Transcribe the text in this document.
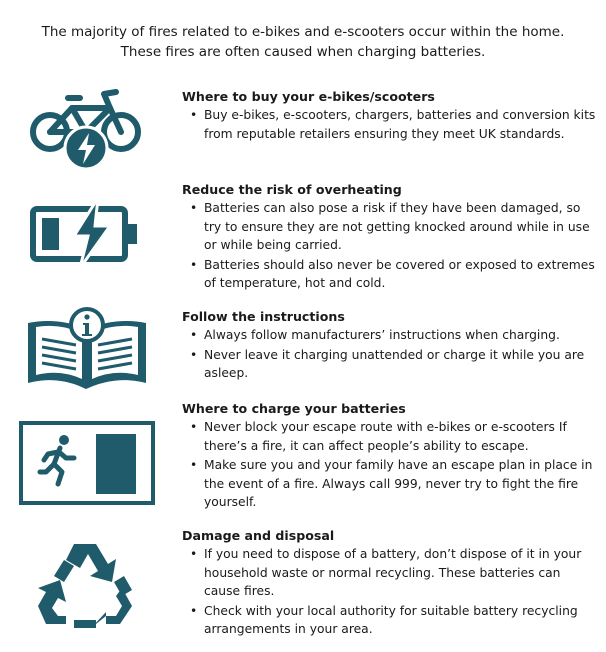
The majority of fires related to e-bikes and e-scooters occur within the home.
These fires are often caused when charging batteries.
Where to buy your e-bikes/scooters
• Buy e-bikes, e-scooters, chargers, batteries and conversion kits from reputable retailers ensuring they meet UK standards.
Reduce the risk of overheating
• Batteries can also pose a risk if they have been damaged, so try to ensure they are not getting knocked around while in use or while being carried.
• Batteries should also never be covered or exposed to extremes of temperature, hot and cold.
Follow the instructions
• Always follow manufacturers’ instructions when charging.
• Never leave it charging unattended or charge it while you are asleep.
Where to charge your batteries
• Never block your escape route with e-bikes or e-scooters If there’s a fire, it can affect people’s ability to escape.
• Make sure you and your family have an escape plan in place in the event of a fire. Always call 999, never try to fight the fire yourself.
Damage and disposal
• If you need to dispose of a battery, don’t dispose of it in your household waste or normal recycling. These batteries can cause fires.
• Check with your local authority for suitable battery recycling arrangements in your area.
